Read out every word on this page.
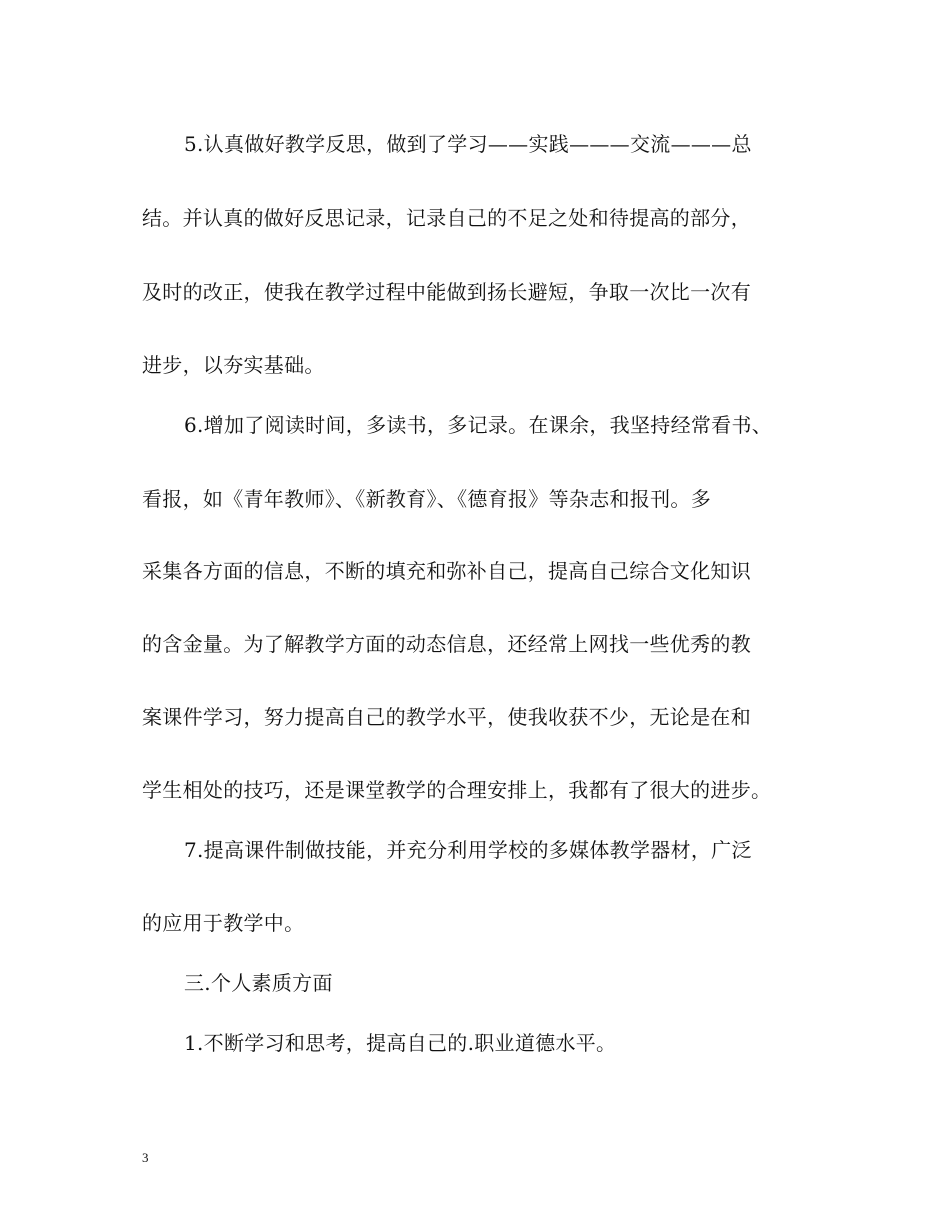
5.认真做好教学反思，做到了学习——实践———交流———总
结。并认真的做好反思记录，记录自己的不足之处和待提高的部分，
及时的改正，使我在教学过程中能做到扬长避短，争取一次比一次有
进步，以夯实基础。
6.增加了阅读时间，多读书，多记录。在课余，我坚持经常看书、
看报，如《青年教师》、《新教育》、《德育报》等杂志和报刊。多
采集各方面的信息，不断的填充和弥补自己，提高自己综合文化知识
的含金量。为了解教学方面的动态信息，还经常上网找一些优秀的教
案课件学习，努力提高自己的教学水平，使我收获不少，无论是在和
学生相处的技巧，还是课堂教学的合理安排上，我都有了很大的进步。
7.提高课件制做技能，并充分利用学校的多媒体教学器材，广泛
的应用于教学中。
三.个人素质方面
1.不断学习和思考，提高自己的.职业道德水平。
3
